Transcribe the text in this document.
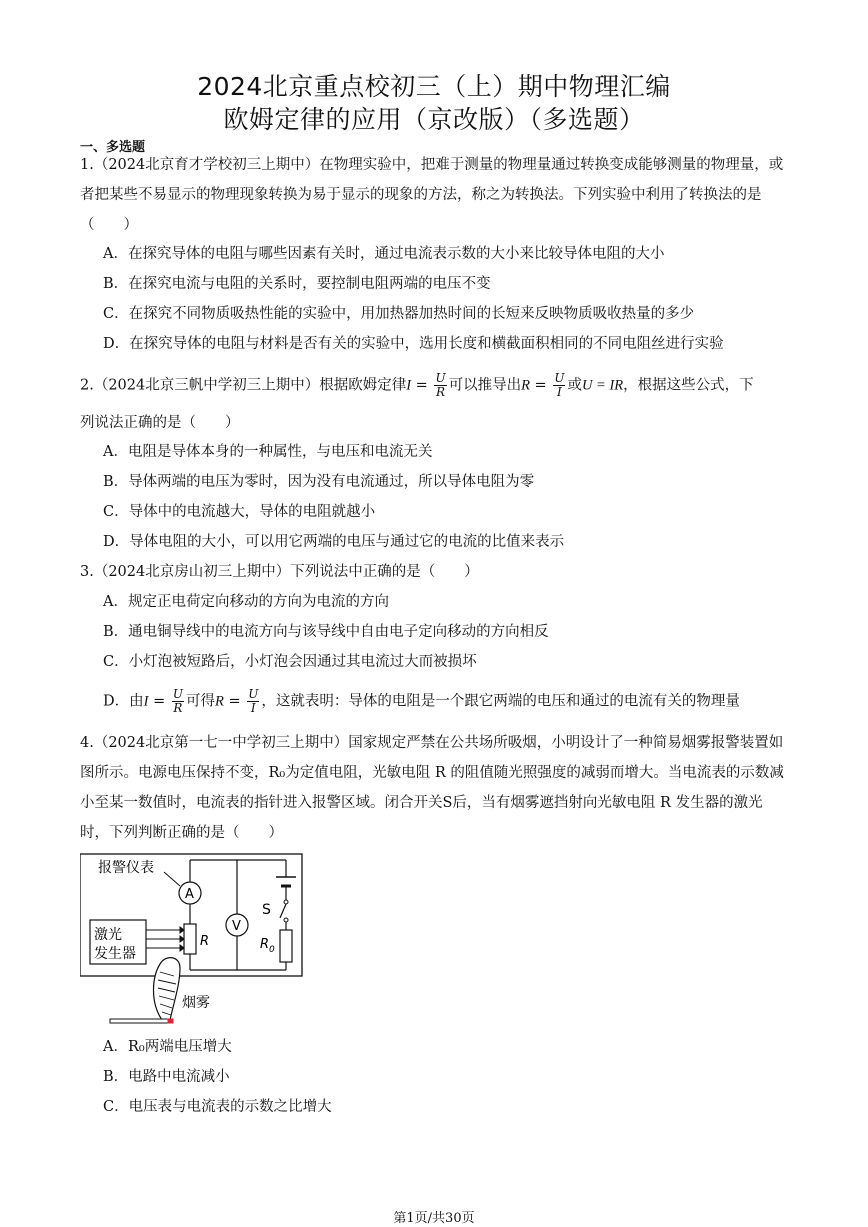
2024北京重点校初三（上）期中物理汇编
欧姆定律的应用（京改版）（多选题）
一、多选题
1.（2024北京育才学校初三上期中）在物理实验中，把难于测量的物理量通过转换变成能够测量的物理量，或者把某些不易显示的物理现象转换为易于显示的现象的方法，称之为转换法。下列实验中利用了转换法的是（　　）
A．在探究导体的电阻与哪些因素有关时，通过电流表示数的大小来比较导体电阻的大小
B．在探究电流与电阻的关系时，要控制电阻两端的电压不变
C．在探究不同物质吸热性能的实验中，用加热器加热时间的长短来反映物质吸收热量的多少
D．在探究导体的电阻与材料是否有关的实验中，选用长度和横截面积相同的不同电阻丝进行实验
2.（2024北京三帆中学初三上期中）根据欧姆定律$I = \frac{U}{R}$ 可以推导出$R = \frac{U}{I}$ 或U = IR，根据这些公式，下
列说法正确的是（　　）
A．电阻是导体本身的一种属性，与电压和电流无关
B．导体两端的电压为零时，因为没有电流通过，所以导体电阻为零
C．导体中的电流越大，导体的电阻就越小
D．导体电阻的大小，可以用它两端的电压与通过它的电流的比值来表示
3.（2024北京房山初三上期中）下列说法中正确的是（　　）
A．规定正电荷定向移动的方向为电流的方向
B．通电铜导线中的电流方向与该导线中自由电子定向移动的方向相反
C．小灯泡被短路后，小灯泡会因通过其电流过大而被损坏
D．由$I = \frac{U}{R}$ 可得$R = \frac{U}{I}$ ，这就表明：导体的电阻是一个跟它两端的电压和通过的电流有关的物理量
4.（2024北京第一七一中学初三上期中）国家规定严禁在公共场所吸烟，小明设计了一种简易烟雾报警装置如图所示。电源电压保持不变，R₀为定值电阻，光敏电阻 R 的阻值随光照强度的减弱而增大。当电流表的示数减小至某一数值时，电流表的指针进入报警区域。闭合开关S后，当有烟雾遮挡射向光敏电阻 R 发生器的激光时，下列判断正确的是（　　）
S
$R_0$
A
V
R
报警仪表
激光
发生器
烟雾
A．R₀两端电压增大
B．电路中电流减小
C．电压表与电流表的示数之比增大
第1页/共30页
